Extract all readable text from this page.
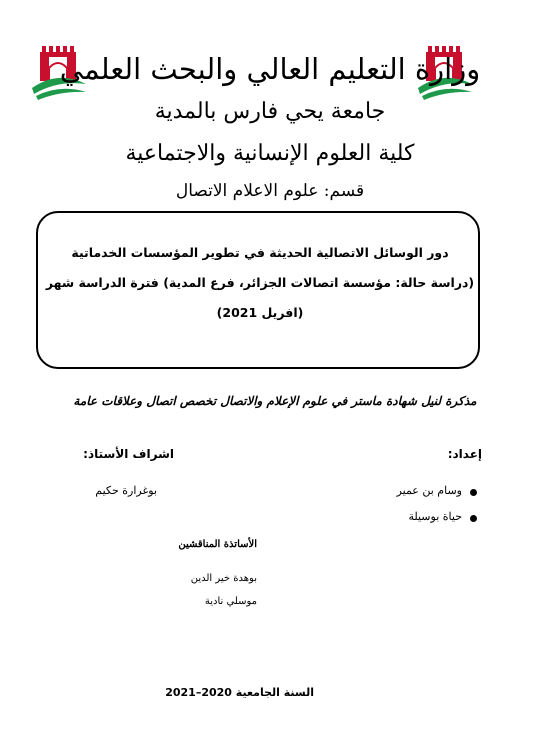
وزارة التعليم العالي والبحث العلمي
جامعة يحي فارس بالمدية
كلية العلوم الإنسانية والاجتماعية
قسم: علوم الاعلام الاتصال
دور الوسائل الاتصالية الحديثة في تطوير المؤسسات الخدماتية
(دراسة حالة: مؤسسة اتصالات الجزائر، فرع المدية) فترة الدراسة شهر
(افريل 2021)
مذكرة لنيل شهادة ماستر في علوم الإعلام والاتصال تخصص اتصال وعلاقات عامة
إعداد:
وسام بن عمير
حياة بوسيلة
اشراف الأستاذ:
بوغرارة حكيم
الأساتذة المناقشين
بوهدة خير الدين
موسلي نادية
السنة الجامعية 2020–2021
